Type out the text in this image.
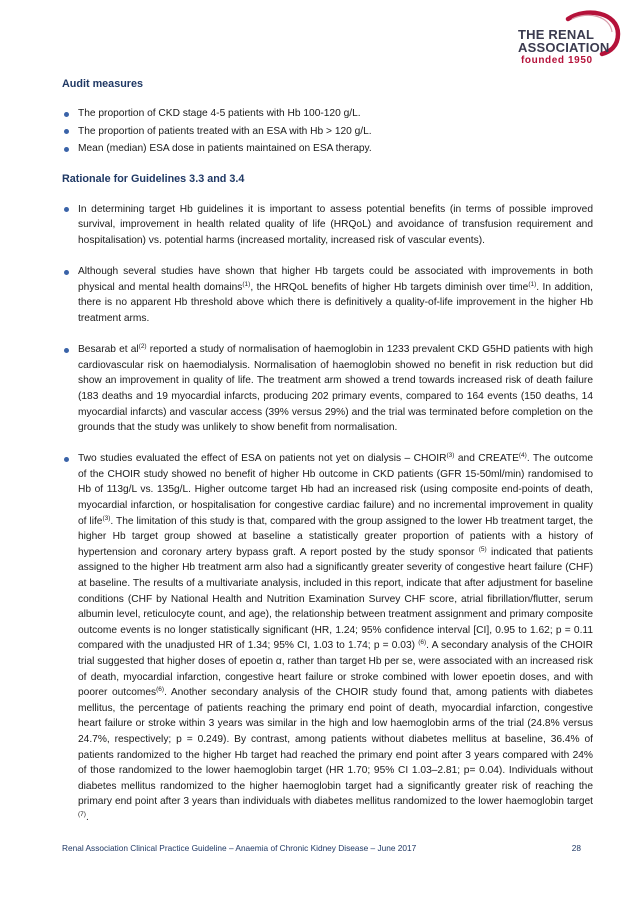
THE RENAL
ASSOCIATION
founded 1950
Audit measures
The proportion of CKD stage 4-5 patients with Hb 100-120 g/L.
The proportion of patients treated with an ESA with Hb > 120 g/L.
Mean (median) ESA dose in patients maintained on ESA therapy.
Rationale for Guidelines 3.3 and 3.4
In determining target Hb guidelines it is important to assess potential benefits (in terms of possible improved survival, improvement in health related quality of life (HRQoL) and avoidance of transfusion requirement and hospitalisation) vs. potential harms (increased mortality, increased risk of vascular events).
Although several studies have shown that higher Hb targets could be associated with improvements in both physical and mental health domains$^{(1)}$, the HRQoL benefits of higher Hb targets diminish over time$^{(1)}$. In addition, there is no apparent Hb threshold above which there is definitively a quality-of-life improvement in the higher Hb treatment arms.
Besarab et $al^{(2)}$ reported a study of normalisation of haemoglobin in 1233 prevalent CKD G5HD patients with high cardiovascular risk on haemodialysis. Normalisation of haemoglobin showed no benefit in risk reduction but did show an improvement in quality of life. The treatment arm showed a trend towards increased risk of death failure (183 deaths and 19 myocardial infarcts, producing 202 primary events, compared to 164 events (150 deaths, 14 myocardial infarcts) and vascular access (39% versus 29%) and the trial was terminated before completion on the grounds that the study was unlikely to show benefit from normalisation.
Two studies evaluated the effect of ESA on patients not yet on dialysis – CHOIR$^{(3)}$ and CREATE$^{(4)}$. The outcome of the CHOIR study showed no benefit of higher Hb outcome in CKD patients (GFR 15-50ml/min) randomised to Hb of 113g/L vs. 135g/L. Higher outcome target Hb had an increased risk (using composite end-points of death, myocardial infarction, or hospitalisation for congestive cardiac failure) and no incremental improvement in quality of life$^{(3)}$. The limitation of this study is that, compared with the group assigned to the lower Hb treatment target, the higher Hb target group showed at baseline a statistically greater proportion of patients with a history of hypertension and coronary artery bypass graft. A report posted by the study sponsor $^{(5)}$ indicated that patients assigned to the higher Hb treatment arm also had a significantly greater severity of congestive heart failure (CHF) at baseline. The results of a multivariate analysis, included in this report, indicate that after adjustment for baseline conditions (CHF by National Health and Nutrition Examination Survey CHF score, atrial fibrillation/flutter, serum albumin level, reticulocyte count, and age), the relationship between treatment assignment and primary composite outcome events is no longer statistically significant (HR, 1.24; 95% confidence interval [CI], 0.95 to 1.62; p = 0.11 compared with the unadjusted HR of 1.34; 95% CI, 1.03 to 1.74; p = 0.03) $^{(6)}$. A secondary analysis of the CHOIR trial suggested that higher doses of epoetin α, rather than target Hb per se, were associated with an increased risk of death, myocardial infarction, congestive heart failure or stroke combined with lower epoetin doses, and with poorer outcomes$^{(6)}$. Another secondary analysis of the CHOIR study found that, among patients with diabetes mellitus, the percentage of patients reaching the primary end point of death, myocardial infarction, congestive heart failure or stroke within 3 years was similar in the high and low haemoglobin arms of the trial (24.8% versus 24.7%, respectively; p = 0.249). By contrast, among patients without diabetes mellitus at baseline, 36.4% of patients randomized to the higher Hb target had reached the primary end point after 3 years compared with 24% of those randomized to the lower haemoglobin target (HR 1.70; 95% CI 1.03–2.81; p= 0.04). Individuals without diabetes mellitus randomized to the higher haemoglobin target had a significantly greater risk of reaching the primary end point after 3 years than individuals with diabetes mellitus randomized to the lower haemoglobin target $^{(7)}$.
Renal Association Clinical Practice Guideline – Anaemia of Chronic Kidney Disease – June 2017	28
